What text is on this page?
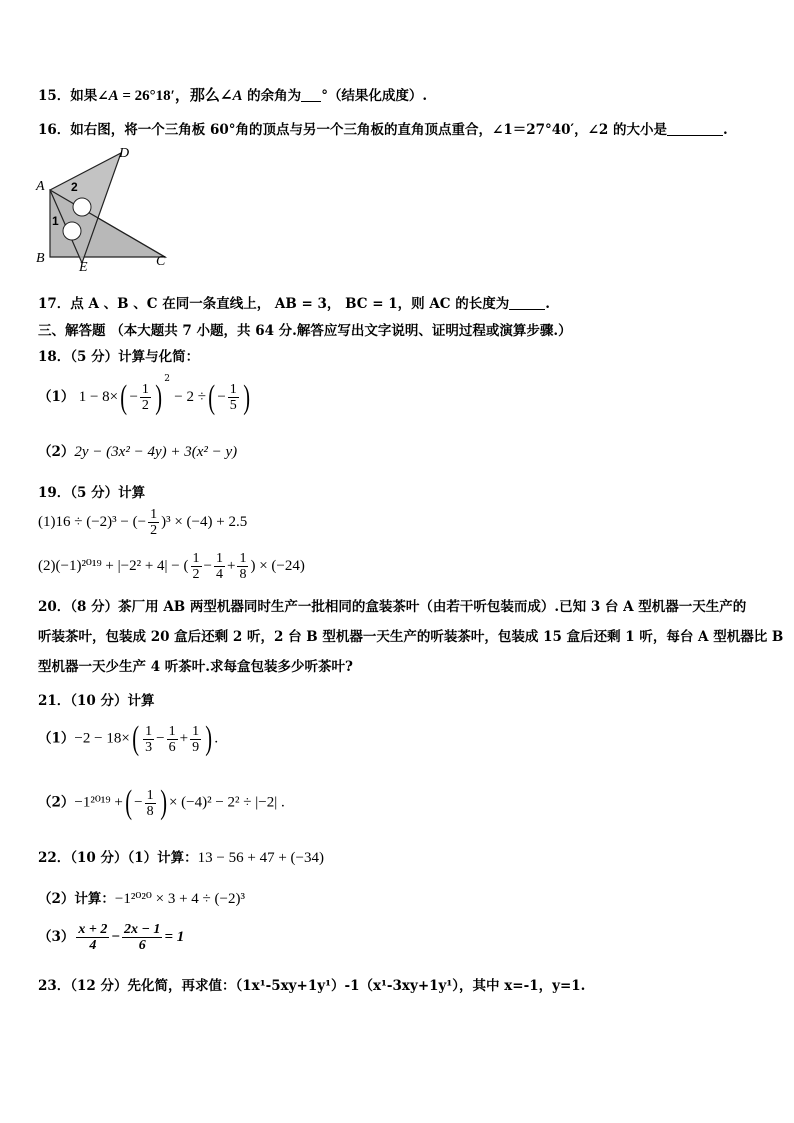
15．如果∠A = 26°18′，那么∠A 的余角为 °（结果化成度）.
16．如右图，将一个三角板 60°角的顶点与另一个三角板的直角顶点重合，∠1＝27°40′，∠2 的大小是	.
A
B	C
D
E
1
2
17．点 A 、B 、C 在同一条直线上， AB = 3， BC = 1，则 AC 的长度为	.
三、解答题 （本大题共 7 小题，共 64 分.解答应写出文字说明、证明过程或演算步骤.）
18．（5 分）计算与化简：
（1） $1 - 8\times( - \frac{1}{2}$ ) $^2$ − 2 ÷( − $\frac{1}{5}$ )
（2）2y − (3x² − 4y) + 3(x² − y)
19．（5 分）计算
(1)16 ÷ (−2)³ − (− $\frac{1}{2} )^3 \times (-4) + 2.5$
(2)(−1)²⁰¹⁹ + |−2² + 4| − ( $\frac{1}{2} - \frac{1}{4} + \frac{1}{8}$ ) × (−24)
20．（8 分）茶厂用 AB 两型机器同时生产一批相同的盒装茶叶（由若干听包装而成）.已知 3 台 A 型机器一天生产的
听装茶叶，包装成 20 盒后还剩 2 听，2 台 B 型机器一天生产的听装茶叶，包装成 15 盒后还剩 1 听，每台 A 型机器比 B
型机器一天少生产 4 听茶叶.求每盒包装多少听茶叶?
21．（10 分）计算
$(1)-2 - 18\times( \frac{1}{3} - \frac{1}{6} + \frac{1}{9}$ ) .
（2）−1²⁰¹⁹ +( − $\frac{1}{8}$ ) × (−4)² − 2² ÷ |−2| .
22．（10 分）（1）计算：13 − 56 + 47 + (−34)
（2）计算：−1²⁰²⁰ × 3 + 4 ÷ (−2)³
$(3) \frac{x + 2}{4} - \frac{2x - 1}{6} = 1$
23．（12 分）先化简，再求值：（1x¹-5xy+1y¹）-1（x¹-3xy+1y¹），其中 x=-1，y=1.
